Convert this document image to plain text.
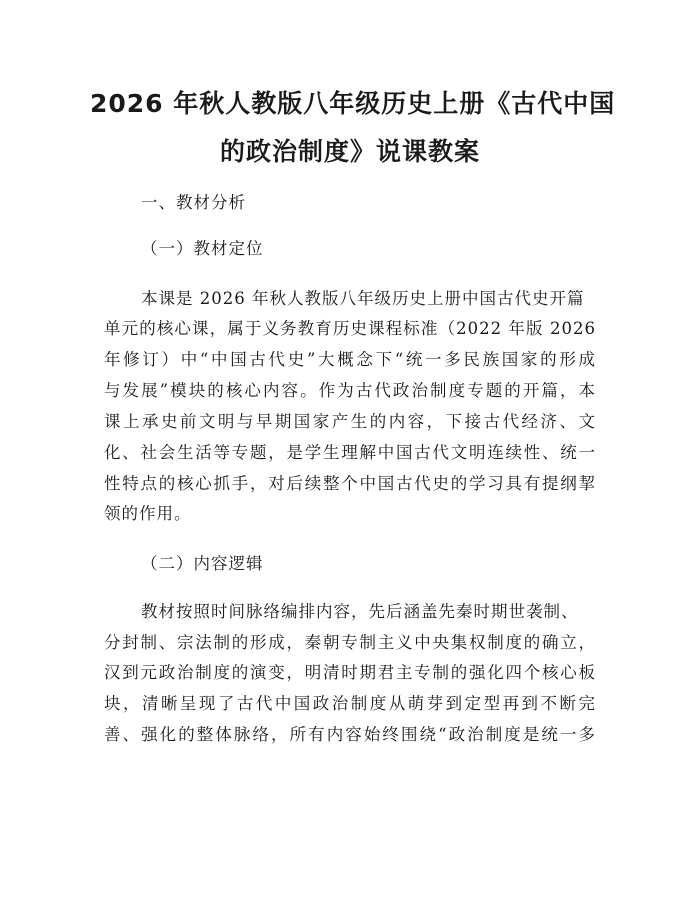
2026 年秋人教版八年级历史上册《古代中国
的政治制度》说课教案
一、教材分析
（一）教材定位
本课是 2026 年秋人教版八年级历史上册中国古代史开篇
单元的核心课，属于义务教育历史课程标准（2022 年版 2026
年修订）中“中国古代史”大概念下“统一多民族国家的形成
与发展”模块的核心内容。作为古代政治制度专题的开篇，本
课上承史前文明与早期国家产生的内容，下接古代经济、文
化、社会生活等专题，是学生理解中国古代文明连续性、统一
性特点的核心抓手，对后续整个中国古代史的学习具有提纲挈
领的作用。
（二）内容逻辑
教材按照时间脉络编排内容，先后涵盖先秦时期世袭制、
分封制、宗法制的形成，秦朝专制主义中央集权制度的确立，
汉到元政治制度的演变，明清时期君主专制的强化四个核心板
块，清晰呈现了古代中国政治制度从萌芽到定型再到不断完
善、强化的整体脉络，所有内容始终围绕“政治制度是统一多
